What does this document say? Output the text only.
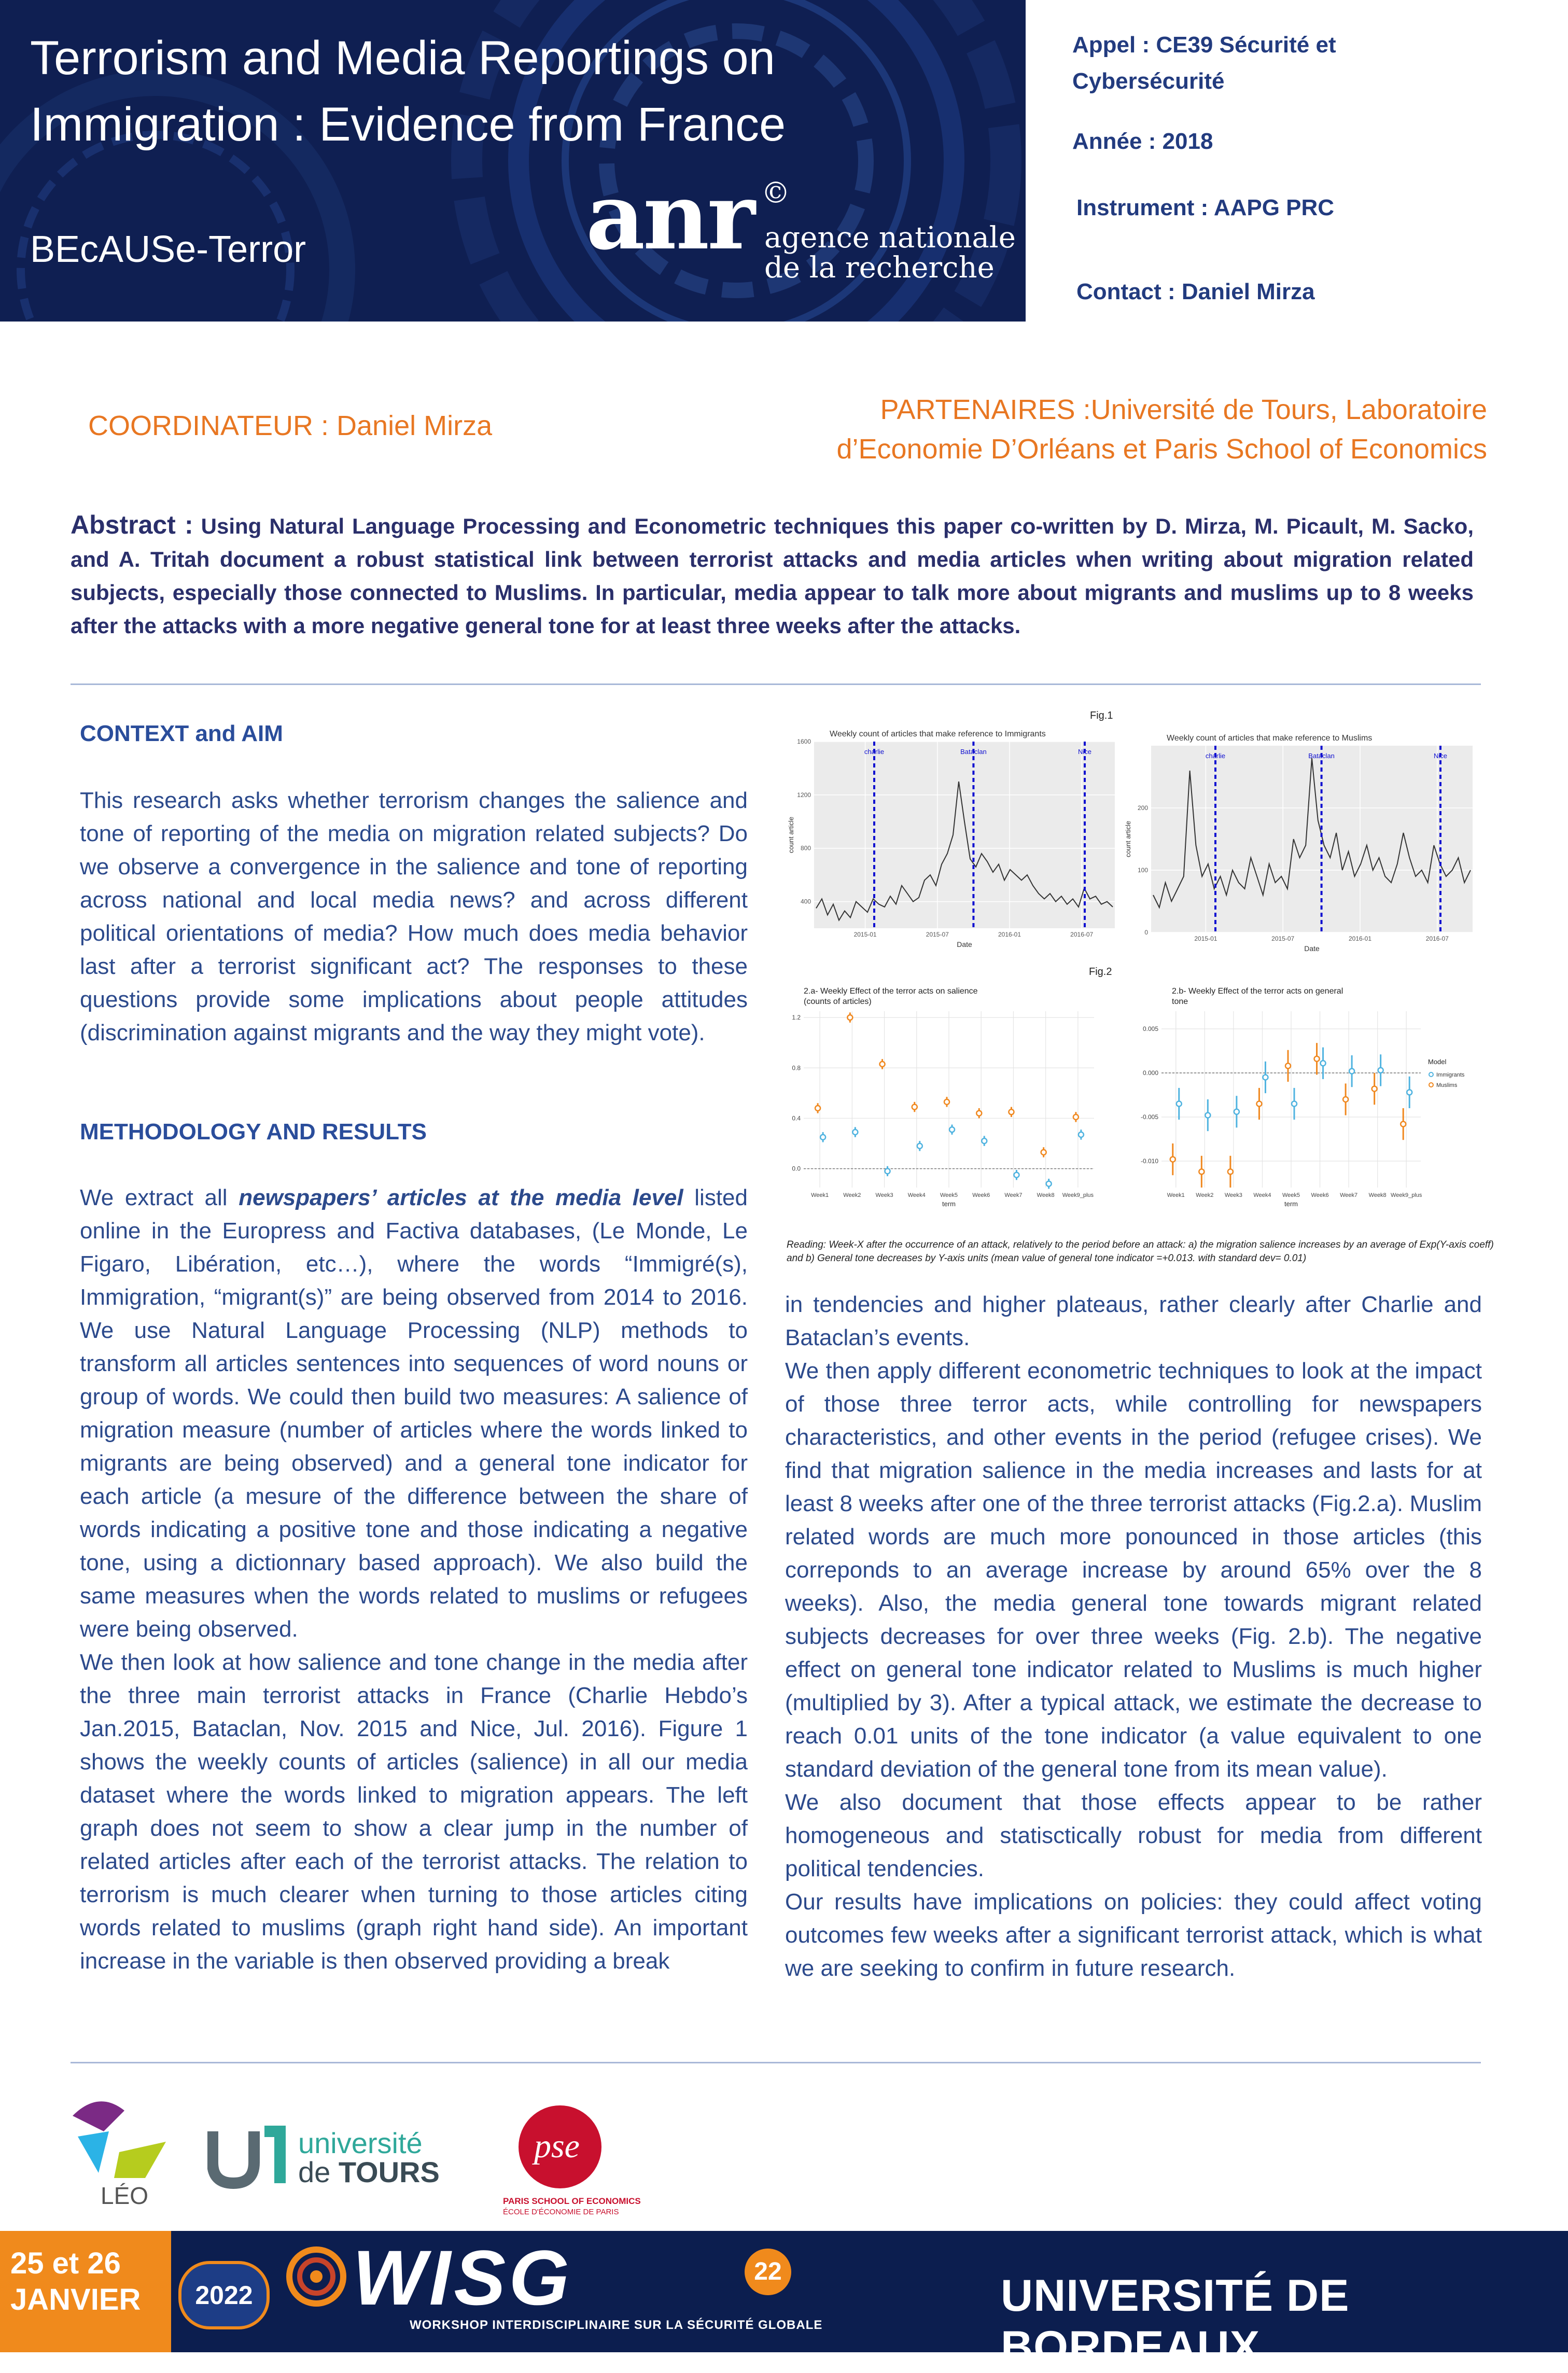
Terrorism and Media Reportings on Immigration : Evidence from France
BEcAUSe-Terror	anr ©
agence nationale
de la recherche
Appel : CE39 Sécurité et
Cybersécurité
Année : 2018
Instrument : AAPG PRC
Contact : Daniel Mirza
COORDINATEUR : Daniel Mirza
PARTENAIRES :Université de Tours, Laboratoire
d’Economie D’Orléans et Paris School of Economics
Abstract : Using Natural Language Processing and Econometric techniques this paper co-written by D. Mirza, M. Picault, M. Sacko, and A. Tritah document a robust statistical link between terrorist attacks and media articles when writing about migration related subjects, especially those connected to Muslims. In particular, media appear to talk more about migrants and muslims up to 8 weeks after the attacks with a more negative general tone for at least three weeks after the attacks.
CONTEXT and AIM

This research asks whether terrorism changes the salience and tone of reporting of the media on migration related subjects? Do we observe a convergence in the salience and tone of reporting across national and local media news? and across different political orientations of media? How much does media behavior last after a terrorist significant act? The responses to these questions provide some implications about people attitudes (discrimination against migrants and the way they might vote).

METHODOLOGY AND RESULTS

We extract all newspapers’ articles at the media level listed online in the Europress and Factiva databases, (Le Monde, Le Figaro, Libération, etc…), where the words “Immigré(s), Immigration, “migrant(s)” are being observed from 2014 to 2016. We use Natural Language Processing (NLP) methods to transform all articles sentences into sequences of word nouns or group of words. We could then build two measures: A salience of migration measure (number of articles where the words linked to migrants are being observed) and a general tone indicator for each article (a mesure of the difference between the share of words indicating a positive tone and those indicating a negative tone, using a dictionnary based approach). We also build the same measures when the words related to muslims or refugees were being observed.

We then look at how salience and tone change in the media after the three main terrorist attacks in France (Charlie Hebdo’s Jan.2015, Bataclan, Nov. 2015 and Nice, Jul. 2016). Figure 1 shows the weekly counts of articles (salience) in all our media dataset where the words linked to migration appears. The left graph does not seem to show a clear jump in the number of related articles after each of the terrorist attacks. The relation to terrorism is much clearer when turning to those articles citing words related to muslims (graph right hand side). An important increase in the variable is then observed providing a break

Fig.1
Fig.2
400
800
1200
1600
2015-01	2015-07	2016-01	2016-07
charlie	Bataclan	Nice
Weekly count of articles that make reference to Immigrants
Date
count article
0
100
200
2015-01	2015-07	2016-01	2016-07
charlie	Bataclan	Nice
Weekly count of articles that make reference to Muslims
Date
count article
Week1	Week2	Week3	Week4	Week5	Week6	Week7	Week8 Week9_plus
0.0
0.4
0.8
1.2
2.a- Weekly Effect of the terror acts on salience
(counts of articles)
term
Week1 Week2 Week3 Week4 Week5 Week6 Week7 Week8 Week9_plus
0.005
0.000
-0.005
-0.010
2.b- Weekly Effect of the terror acts on general
tone
term
Model
Immigrants
Muslims
Reading: Week-X after the occurrence of an attack, relatively to the period before an attack: a) the migration salience increases by an average of Exp(Y-axis coeff) and b) General tone decreases by Y-axis units (mean value of general tone indicator =+0.013. with standard dev= 0.01)

in tendencies and higher plateaus, rather clearly after Charlie and Bataclan’s events.

We then apply different econometric techniques to look at the impact of those three terror acts, while controlling for newspapers characteristics, and other events in the period (refugee crises). We find that migration salience in the media increases and lasts for at least 8 weeks after one of the three terrorist attacks (Fig.2.a). Muslim related words are much more ponounced in those articles (this correponds to an average increase by around 65% over the 8 weeks). Also, the media general tone towards migrant related subjects decreases for over three weeks (Fig. 2.b). The negative effect on general tone indicator related to Muslims is much higher (multiplied by 3). After a typical attack, we estimate the decrease to reach 0.01 units of the tone indicator (a value equivalent to one standard deviation of the general tone from its mean value).

We also document that those effects appear to be rather homogeneous and statisctically robust for media from different political tendencies.

Our results have implications on policies: they could affect voting outcomes few weeks after a significant terrorist attack, which is what we are seeking to confirm in future research.

LÉO
université
de TOURS
pse
PARIS SCHOOL OF ECONOMICS
ÉCOLE D'ÉCONOMIE DE PARIS
25 et 26
JANVIER	2022 WISG	22
WORKSHOP INTERDISCIPLINAIRE SUR LA SÉCURITÉ GLOBALE
UNIVERSITÉ DE BORDEAUX
